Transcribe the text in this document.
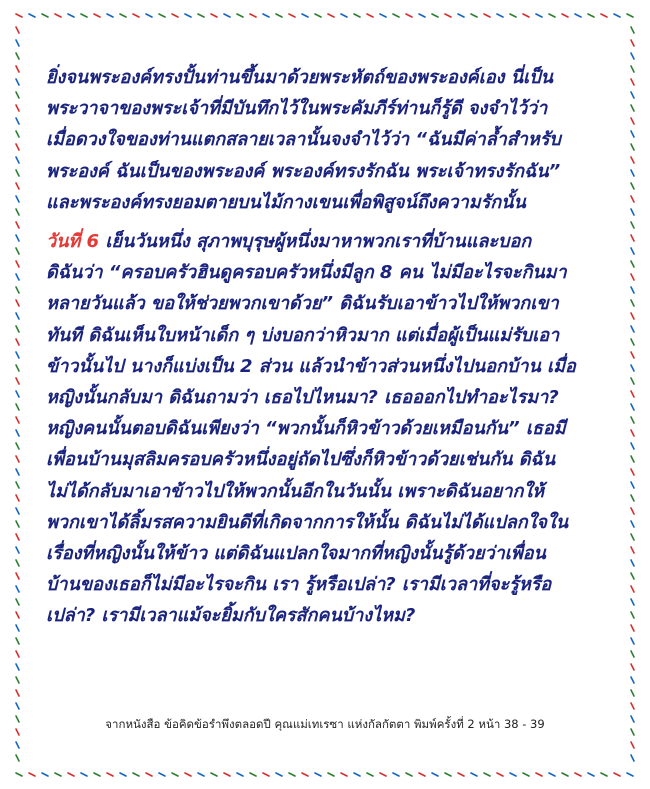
ยิ่งจนพระองค์ทรงปั้นท่านขึ้นมาด้วยพระหัตถ์ของพระองค์เอง นี่เป็น
พระวาจาของพระเจ้าที่มีบันทึกไว้ในพระคัมภีร์ท่านก็รู้ดี จงจำไว้ว่า
เมื่อดวงใจของท่านแตกสลายเวลานั้นจงจำไว้ว่า “ฉันมีค่าล้ำสำหรับ
พระองค์ ฉันเป็นของพระองค์ พระองค์ทรงรักฉัน พระเจ้าทรงรักฉัน”
และพระองค์ทรงยอมตายบนไม้กางเขนเพื่อพิสูจน์ถึงความรักนั้น

วันที่ 6 เย็นวันหนึ่ง สุภาพบุรุษผู้หนึ่งมาหาพวกเราที่บ้านและบอก
ดิฉันว่า “ครอบครัวฮินดูครอบครัวหนึ่งมีลูก 8 คน ไม่มีอะไรจะกินมา
หลายวันแล้ว ขอให้ช่วยพวกเขาด้วย” ดิฉันรับเอาข้าวไปให้พวกเขา
ทันที ดิฉันเห็นใบหน้าเด็ก ๆ บ่งบอกว่าหิวมาก แต่เมื่อผู้เป็นแม่รับเอา
ข้าวนั้นไป นางก็แบ่งเป็น 2 ส่วน แล้วนำข้าวส่วนหนึ่งไปนอกบ้าน เมื่อ
หญิงนั้นกลับมา ดิฉันถามว่า เธอไปไหนมา? เธอออกไปทำอะไรมา?
หญิงคนนั้นตอบดิฉันเพียงว่า “พวกนั้นก็หิวข้าวด้วยเหมือนกัน” เธอมี
เพื่อนบ้านมุสลิมครอบครัวหนึ่งอยู่ถัดไปซึ่งก็หิวข้าวด้วยเช่นกัน ดิฉัน
ไม่ได้กลับมาเอาข้าวไปให้พวกนั้นอีกในวันนั้น เพราะดิฉันอยากให้
พวกเขาได้ลิ้มรสความยินดีที่เกิดจากการให้นั้น ดิฉันไม่ได้แปลกใจใน
เรื่องที่หญิงนั้นให้ข้าว แต่ดิฉันแปลกใจมากที่หญิงนั้นรู้ด้วยว่าเพื่อน
บ้านของเธอก็ไม่มีอะไรจะกิน เรา รู้หรือเปล่า? เรามีเวลาที่จะรู้หรือ
เปล่า? เรามีเวลาแม้จะยิ้มกับใครสักคนบ้างไหม?

จากหนังสือ ข้อคิดข้อรำพึงตลอดปี คุณแม่เทเรซา แห่งกัลกัตตา พิมพ์ครั้งที่ 2 หน้า 38 - 39
